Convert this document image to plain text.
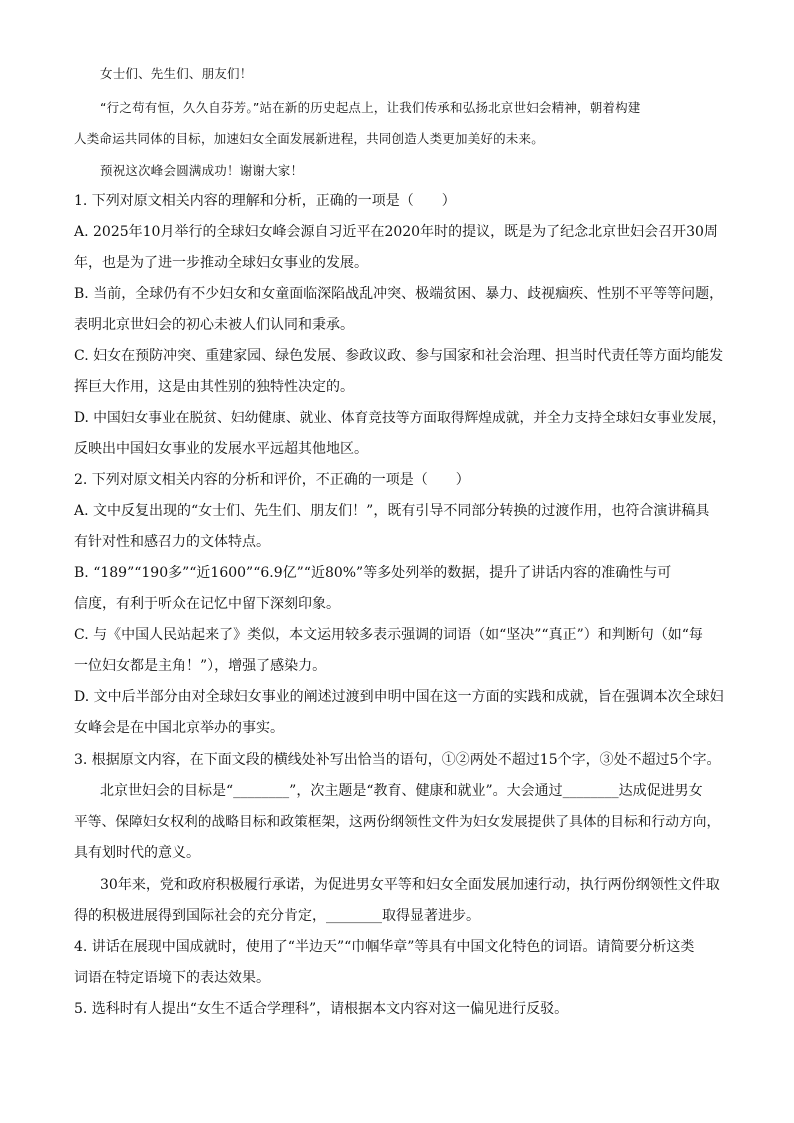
女士们、先生们、朋友们！
“行之苟有恒，久久自芬芳。”站在新的历史起点上，让我们传承和弘扬北京世妇会精神，朝着构建
人类命运共同体的目标，加速妇女全面发展新进程，共同创造人类更加美好的未来。
预祝这次峰会圆满成功！谢谢大家！
1. 下列对原文相关内容的理解和分析，正确的一项是（　　）
A. 2025年10月举行的全球妇女峰会源自习近平在2020年时的提议，既是为了纪念北京世妇会召开30周
年，也是为了进一步推动全球妇女事业的发展。
B. 当前，全球仍有不少妇女和女童面临深陷战乱冲突、极端贫困、暴力、歧视痼疾、性别不平等等问题，
表明北京世妇会的初心未被人们认同和秉承。
C. 妇女在预防冲突、重建家园、绿色发展、参政议政、参与国家和社会治理、担当时代责任等方面均能发
挥巨大作用，这是由其性别的独特性决定的。
D. 中国妇女事业在脱贫、妇幼健康、就业、体育竞技等方面取得辉煌成就，并全力支持全球妇女事业发展，
反映出中国妇女事业的发展水平远超其他地区。
2. 下列对原文相关内容的分析和评价，不正确的一项是（　　）
A. 文中反复出现的“女士们、先生们、朋友们！”，既有引导不同部分转换的过渡作用，也符合演讲稿具
有针对性和感召力的文体特点。
B. “189”“190多”“近1600”“6.9亿”“近80%”等多处列举的数据，提升了讲话内容的准确性与可
信度，有利于听众在记忆中留下深刻印象。
C. 与《中国人民站起来了》类似，本文运用较多表示强调的词语（如“坚决”“真正”）和判断句（如“每
一位妇女都是主角！”），增强了感染力。
D. 文中后半部分由对全球妇女事业的阐述过渡到申明中国在这一方面的实践和成就，旨在强调本次全球妇
女峰会是在中国北京举办的事实。
3. 根据原文内容，在下面文段的横线处补写出恰当的语句，①②两处不超过15个字，③处不超过5个字。
北京世妇会的目标是“________”，次主题是“教育、健康和就业”。大会通过________达成促进男女
平等、保障妇女权利的战略目标和政策框架，这两份纲领性文件为妇女发展提供了具体的目标和行动方向，
具有划时代的意义。
30年来，党和政府积极履行承诺，为促进男女平等和妇女全面发展加速行动，执行两份纲领性文件取
得的积极进展得到国际社会的充分肯定，________取得显著进步。
4. 讲话在展现中国成就时，使用了“半边天”“巾帼华章”等具有中国文化特色的词语。请简要分析这类
词语在特定语境下的表达效果。
5. 选科时有人提出“女生不适合学理科”，请根据本文内容对这一偏见进行反驳。
